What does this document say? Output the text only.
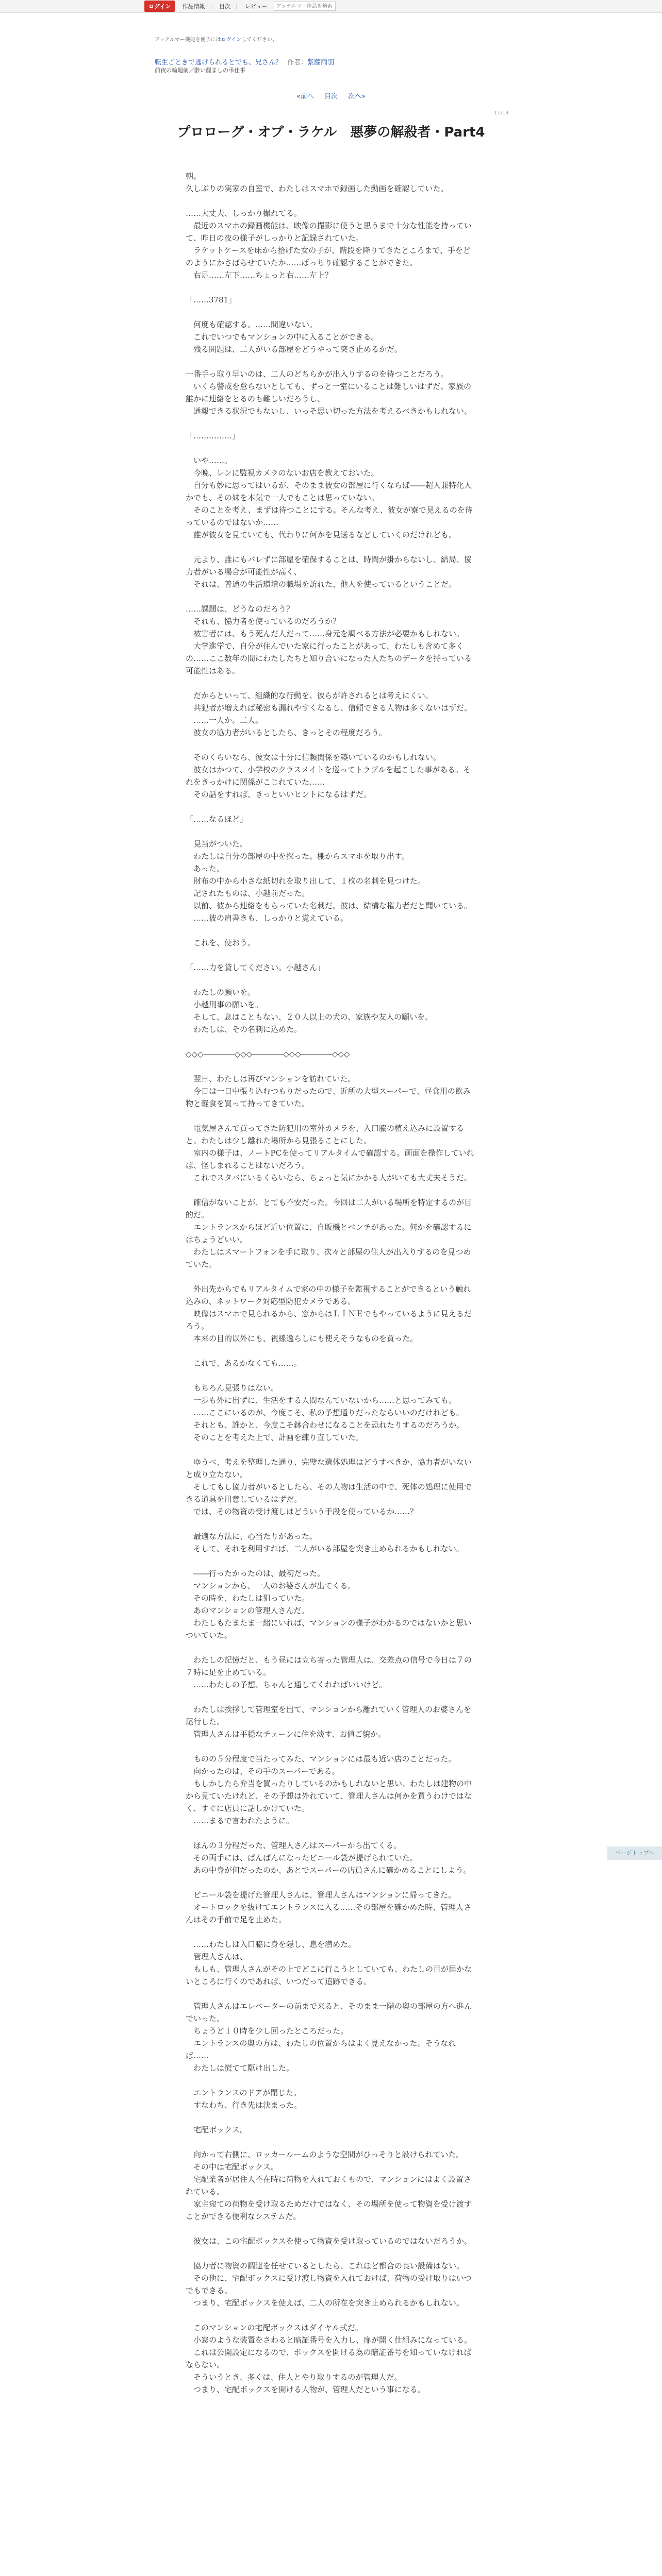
ログイン	作品情報 | 目次 | レビュー
アッテルマー作品を検索
アッテルマー機能を使うにはログインしてください。
転生ごときで逃げられるとでも、兄さん？ 作者：紫藤雨羽
前夜の輪廻前／酔い醒ましの弔仕事
«前へ 目次 次へ»
11/14
プロローグ・オブ・ラケル　悪夢の解殺者・Part4

朝。
久しぶりの実家の自室で、わたしはスマホで録画した動画を確認していた。

……大丈夫、しっかり撮れてる。
　最近のスマホの録画機能は、映像の撮影に使うと思うまで十分な性能を持っていて、昨日の夜の様子がしっかりと記録されていた。
　ラケットケースを床から拾げた女の子が、階段を降りてきたところまで、手をどのようにかさばらせていたか……ばっちり確認することができた。
　右足……左下……ちょっと右……左上？

「……3781」

　何度も確認する。……間違いない。
　これでいつでもマンションの中に入ることができる。
　残る問題は、二人がいる部屋をどうやって突き止めるかだ。

一番手っ取り早いのは、二人のどちらかが出入りするのを待つことだろう。
　いくら警戒を怠らないとしても、ずっと一室にいることは難しいはずだ。家族の誰かに連絡をとるのも難しいだろうし、
　通報できる状況でもないし、いっそ思い切った方法を考えるべきかもしれない。

「……………」

　いや……。
　今晩、レンに監視カメラのないお店を教えておいた。
　自分も妙に思ってはいるが、そのまま彼女の部屋に行くならば――超人兼特化人かでも、その妹を本気で一人でもことは思っていない。
　そのことを考え、まずは待つことにする。そんな考え、彼女が寮で見えるのを待っているのではないか……
　誰が彼女を見ていても、代わりに何かを見送るなどしていくのだけれども。

　元より、誰にもバレずに部屋を確保することは、時間が掛からないし、結局、協力者がいる場合が可能性が高く、
　それは、普通の生活環境の職場を訪れた、他人を使っているということだ。

……課題は、どうなのだろう？
　それも、協力者を使っているのだろうか？
　被害者には、もう死んだ人だって……身元を調べる方法が必要かもしれない。
　大学進学で、自分が住んでいた家に行ったことがあって、わたしも含めて多くの……ここ数年の間にわたしたちと知り合いになった人たちのデータを持っている可能性はある。

　だからといって、組織的な行動を、彼らが許されるとは考えにくい。
　共犯者が増えれば秘密も漏れやすくなるし、信頼できる人物は多くないはずだ。
　……一人か。二人。
　彼女の協力者がいるとしたら、きっとその程度だろう。

　そのくらいなら、彼女は十分に信頼関係を築いているのかもしれない。
　彼女はかつて、小学校のクラスメイトを巡ってトラブルを起こした事がある。それをきっかけに関係がこじれていた……
　その話をすれば、きっといいヒントになるはずだ。

「……なるほど」

　見当がついた。
　わたしは自分の部屋の中を探った。棚からスマホを取り出す。
　あった。
　財布の中から小さな紙切れを取り出して、１枚の名刺を見つけた。
　記されたものは、小越前だった。
　以前、彼から連絡をもらっていた名刺だ。彼は、結構な権力者だと聞いている。
　……彼の肩書きも、しっかりと覚えている。

　これを、使おう。

「……力を貸してください。小越さん」

　わたしの願いを。
　小越刑事の願いを。
　そして、息はこともない、２０人以上の犬の、家族や友人の願いを。
　わたしは、その名刺に込めた。

◇◇◇――――◇◇◇――――◇◇◇――――◇◇◇

　翌日、わたしは再びマンションを訪れていた。
　今日は一日中張り込むつもりだったので、近所の大型スーパーで、昼食用の飲み物と軽食を買って持ってきていた。

　電気屋さんで買ってきた防犯用の室外カメラを、入口脇の植え込みに設置すると、わたしは少し離れた場所から見張ることにした。
　室内の様子は、ノートPCを使ってリアルタイムで確認する。画面を操作していれば、怪しまれることはないだろう。
　これでスタバにいるくらいなら、ちょっと気にかかる人がいても大丈夫そうだ。

　確信がないことが、とても不安だった。今回は二人がいる場所を特定するのが目的だ。
　エントランスからほど近い位置に、自販機とベンチがあった。何かを確認するにはちょうどいい。
　わたしはスマートフォンを手に取り、次々と部屋の住人が出入りするのを見つめていた。

　外出先からでもリアルタイムで家の中の様子を監視することができるという触れ込みの、ネットワーク対応型防犯カメラである。
　映像はスマホで見られるから、窓からはＬＩＮＥでもやっているように見えるだろう。
　本来の目的以外にも、視線逸らしにも使えそうなものを買った。

　これで、あるかなくても……。

　もちろん見張りはない。
　一歩も外に出ずに、生活をする人間なんていないから……と思ってみても。
　……ここにいるのが、今度こそ、私の予想通りだったならいいのだけれども。
　それとも、誰かと、今度こそ鉢合わせになることを恐れたりするのだろうか。
　そのことを考えた上で、計画を練り直していた。

　ゆうべ、考えを整理した通り、完璧な遺体処理はどうすべきか、協力者がいないと成り立たない。
　そしてもし協力者がいるとしたら、その人物は生活の中で、死体の処理に使用できる道具を用意しているはずだ。
　では、その物資の受け渡しはどういう手段を使っているか……？

　最適な方法に、心当たりがあった。
　そして、それを利用すれば、二人がいる部屋を突き止められるかもしれない。

　――行ったかったのは、最初だった。
　マンションから、一人のお婆さんが出てくる。
　その時を、わたしは狙っていた。
　あのマンションの管理人さんだ。
　わたしもたまたま一緒にいれば、マンションの様子がわかるのではないかと思いついていた。

　わたしの記憶だと、もう昼には立ち寄った管理人は、交差点の信号で今日は７の７時に足を止めている。
　……わたしの予想、ちゃんと通してくれればいいけど。

　わたしは挨拶して管理室を出て、マンションから離れていく管理人のお婆さんを尾行した。
　管理人さんは平穏なチェーンに住を淡す、お値ご貌か。

　ものの５分程度で当たってみた、マンションには最も近い店のことだった。
　向かったのは、その手のスーパーである。
　もしかしたら弁当を買ったりしているのかもしれないと思い、わたしは建物の中から見ていたけれど、その予想は外れていて、管理人さんは何かを買うわけではなく、すぐに店員に話しかけていた。
　……まるで言われたように。

　ほんの３分程だった、管理人さんはスーパーから出てくる。
　その両手には、ぱんぱんになったビニール袋が提げられていた。
　あの中身が何だったのか、あとでスーパーの店員さんに確かめることにしよう。

　ビニール袋を提げた管理人さんは、管理人さんはマンションに帰ってきた。
　オートロックを抜けてエントランスに入る……その部屋を確かめた時、管理人さんはその手前で足を止めた。

　……わたしは入口脇に身を隠し、息を潜めた。
　管理人さんは、
　もしも、管理人さんがその上でどこに行こうとしていても、わたしの目が届かないところに行くのであれば、いつだって追跡できる。

　管理人さんはエレベーターの前まで来ると、そのまま一階の奥の部屋の方へ進んでいった。
　ちょうど１０時を少し回ったところだった。
　エントランスの奥の方は、わたしの位置からはよく見えなかった。そうなれば……
　わたしは慌てて駆け出した。

　エントランスのドアが閉じた。
　すなわち、行き先は決まった。

　宅配ボックス。

　向かって右側に、ロッカールームのような空間がひっそりと設けられていた。
　その中は宅配ボックス。
　宅配業者が居住人不在時に荷物を入れておくもので、マンションにはよく設置されている。
　家主宛ての荷物を受け取るためだけではなく、その場所を使って物資を受け渡すことができる便利なシステムだ。

　彼女は、この宅配ボックスを使って物資を受け取っているのではないだろうか。

　協力者に物資の調達を任せているとしたら、これほど都合の良い設備はない。
　その他に、宅配ボックスに受け渡し物資を入れておけば、荷物の受け取りはいつでもできる。
　つまり、宅配ボックスを使えば、二人の所在を突き止められるかもしれない。

　このマンションの宅配ボックスはダイヤル式だ。
　小窓のような装置をさわると暗証番号を入力し、扉が開く仕組みになっている。
　これは公開設定になるので、ボックスを開ける為の暗証番号を知っていなければならない。
　そういうとき、多くは、住人とやり取りするのが管理人だ。
　つまり、宅配ボックスを開ける人物が、管理人だという事になる。

ページトップへ
